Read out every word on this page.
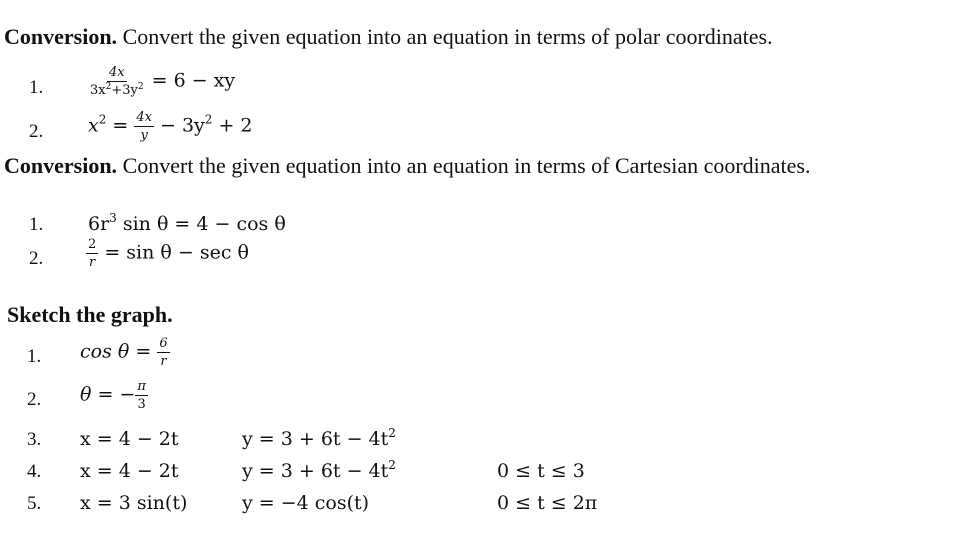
Conversion. Convert the given equation into an equation in terms of polar coordinates.
1.	$\frac{4x}{3x^2+3y^2} = 6$ − xy
2. $x^2 = \frac{4x}{y} - 3y^2 + 2$
Conversion. Convert the given equation into an equation in terms of Cartesian coordinates.
1. $6r^3$ sin θ = 4 − cos θ
2.	$\frac{2}{r} = \sin \theta - \sec \theta$
Sketch the graph.
1. $\cos \theta = \frac{6}{r}$
2. θ = − $\frac{\pi}{3}$
3. x = 4 − 2t	$y = 3 + 6t - 4t^2$
4. x = 4 − 2t	$y = 3 + 6t - 4t^2$	0 ≤ t ≤ 3
5. x = 3 sin(t)	y = −4 cos(t)	0 ≤ t ≤ 2π
